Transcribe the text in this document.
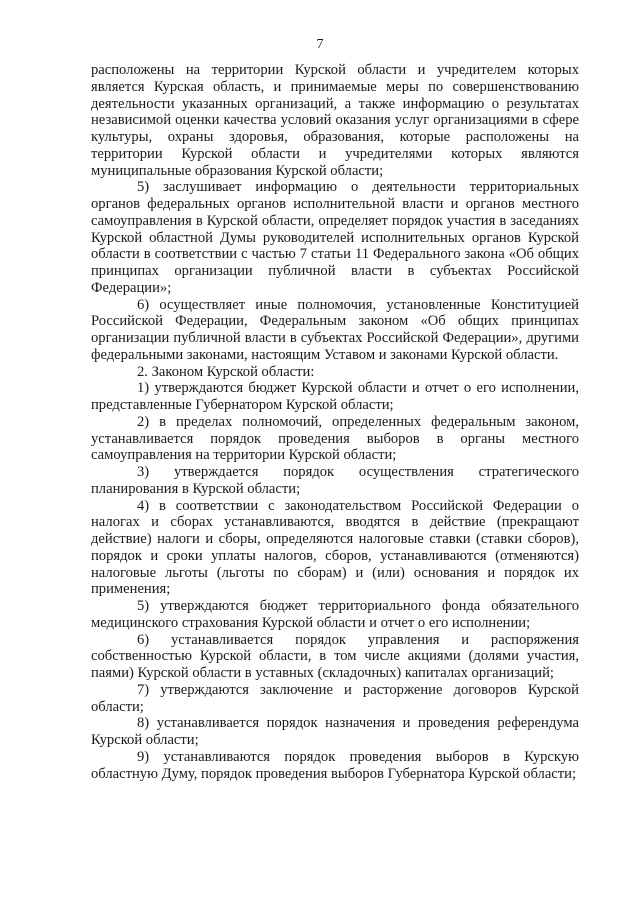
7

расположены на территории Курской области и учредителем которых является Курская область, и принимаемые меры по совершенствованию деятельности указанных организаций, а также информацию о результатах независимой оценки качества условий оказания услуг организациями в сфере культуры, охраны здоровья, образования, которые расположены на территории Курской области и учредителями которых являются муниципальные образования Курской области;

5) заслушивает информацию о деятельности территориальных органов федеральных органов исполнительной власти и органов местного самоуправления в Курской области, определяет порядок участия в заседаниях Курской областной Думы руководителей исполнительных органов Курской области в соответствии с частью 7 статьи 11 Федерального закона «Об общих принципах организации публичной власти в субъектах Российской Федерации»;

6) осуществляет иные полномочия, установленные Конституцией Российской Федерации, Федеральным законом «Об общих принципах организации публичной власти в субъектах Российской Федерации», другими федеральными законами, настоящим Уставом и законами Курской области.

2. Законом Курской области:

1) утверждаются бюджет Курской области и отчет о его исполнении, представленные Губернатором Курской области;

2) в пределах полномочий, определенных федеральным законом, устанавливается порядок проведения выборов в органы местного самоуправления на территории Курской области;

3) утверждается порядок осуществления стратегического планирования в Курской области;

4) в соответствии с законодательством Российской Федерации о налогах и сборах устанавливаются, вводятся в действие (прекращают действие) налоги и сборы, определяются налоговые ставки (ставки сборов), порядок и сроки уплаты налогов, сборов, устанавливаются (отменяются) налоговые льготы (льготы по сборам) и (или) основания и порядок их применения;

5) утверждаются бюджет территориального фонда обязательного медицинского страхования Курской области и отчет о его исполнении;

6) устанавливается порядок управления и распоряжения собственностью Курской области, в том числе акциями (долями участия, паями) Курской области в уставных (складочных) капиталах организаций;

7) утверждаются заключение и расторжение договоров Курской области;

8) устанавливается порядок назначения и проведения референдума Курской области;

9) устанавливаются порядок проведения выборов в Курскую областную Думу, порядок проведения выборов Губернатора Курской области;
